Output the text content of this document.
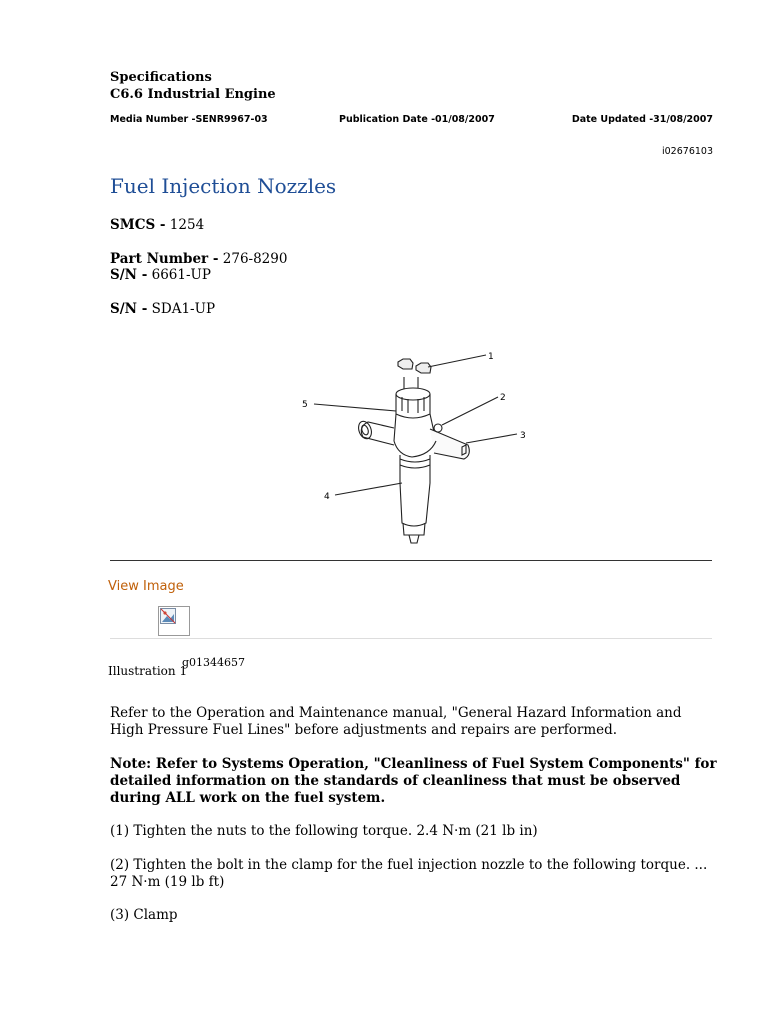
Specifications
C6.6 Industrial Engine
Media Number -SENR9967-03	Publication Date -01/08/2007	Date Updated -31/08/2007
i02676103
Fuel Injection Nozzles
SMCS - 1254
Part Number - 276-8290
S/N - 6661-UP
S/N - SDA1-UP
1
2
3
4
5
View Image
Illustration 1
g01344657
Refer to the Operation and Maintenance manual, "General Hazard Information and High Pressure Fuel Lines" before adjustments and repairs are performed.
Note: Refer to Systems Operation, "Cleanliness of Fuel System Components" for detailed information on the standards of cleanliness that must be observed during ALL work on the fuel system.
(1) Tighten the nuts to the following torque. 2.4 N·m (21 lb in)
(2) Tighten the bolt in the clamp for the fuel injection nozzle to the following torque. ... 27 N·m (19 lb ft)
(3) Clamp
